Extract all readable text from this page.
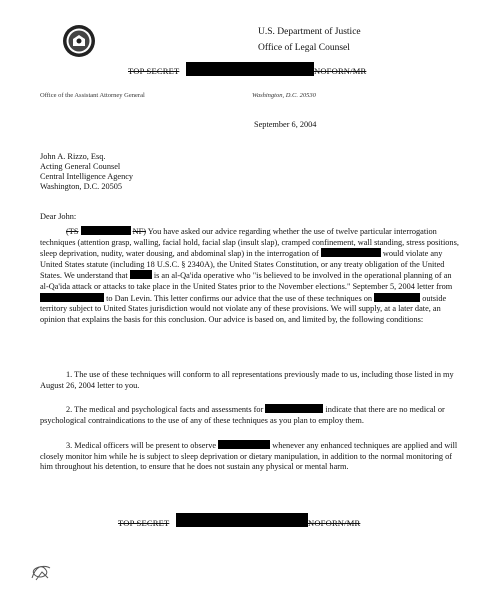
U.S. Department of Justice
Office of Legal Counsel
TOP SECRET	NOFORN/MR
Office of the Assistant Attorney General	Washington, D.C. 20530
September 6, 2004
John A. Rizzo, Esq.
Acting General Counsel
Central Intelligence Agency
Washington, D.C. 20505
Dear John:
(TS	NF) You have asked our advice regarding whether the use of twelve particular interrogation techniques (attention grasp, walling, facial hold, facial slap (insult slap), cramped confinement, wall standing, stress positions, sleep deprivation, nudity, water dousing, and abdominal slap) in the interrogation of	would violate any United States statute (including 18 U.S.C. § 2340A), the United States Constitution, or any treaty obligation of the United States. We understand that	is an al-Qa'ida operative who "is believed to be involved in the operational planning of an al-Qa'ida attack or attacks to take place in the United States prior to the November elections." September 5, 2004 letter from  to Dan Levin. This letter confirms our advice that the use of these techniques on	outside territory subject to United States jurisdiction would not violate any of these provisions. We will supply, at a later date, an opinion that explains the basis for this conclusion. Our advice is based on, and limited by, the following conditions:
1. The use of these techniques will conform to all representations previously made to us, including those listed in my August 26, 2004 letter to you.
2. The medical and psychological facts and assessments for	indicate that there are no medical or psychological contraindications to the use of any of these techniques as you plan to employ them.
3. Medical officers will be present to observe	whenever any enhanced techniques are applied and will closely monitor him while he is subject to sleep deprivation or dietary manipulation, in addition to the normal monitoring of him throughout his detention, to ensure that he does not sustain any physical or mental harm.
TOP SECRET	NOFORN/MR
